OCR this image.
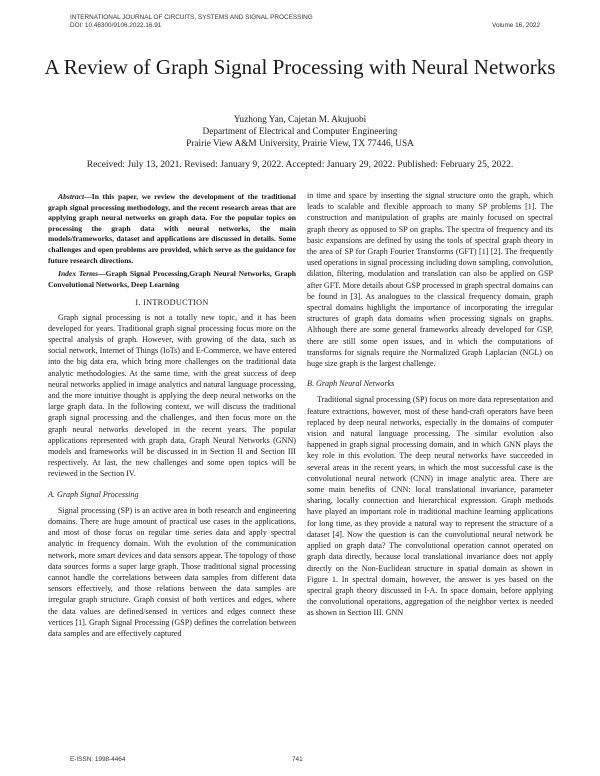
INTERNATIONAL JOURNAL OF CIRCUITS, SYSTEMS AND SIGNAL PROCESSING
DOI: 10.46300/9106.2022.16.91	Volume 16, 2022
A Review of Graph Signal Processing with Neural Networks
Yuzhong Yan, Cajetan M. Akujuobi
Department of Electrical and Computer Engineering
Prairie View A&M University, Prairie View, TX 77446, USA
Received: July 13, 2021. Revised: January 9, 2022. Accepted: January 29, 2022. Published: February 25, 2022.

Abstract—In this paper, we review the development of the traditional graph signal processing methodology, and the recent research areas that are applying graph neural networks on graph data. For the popular topics on processing the graph data with neural networks, the main models/frameworks, dataset and applications are discussed in details. Some challenges and open problems are provided, which serve as the guidance for future research directions.

Index Terms—Graph Signal Processing,Graph Neural Networks, Graph Convolutional Networks, Deep Learning

I. INTRODUCTION

Graph signal processing is not a totally new topic, and it has been developed for years. Traditional graph signal processing focus more on the spectral analysis of graph. However, with growing of the data, such as social network, Internet of Things (IoTs) and E-Commerce, we have entered into the big data era, which bring more challenges on the traditional data analytic methodologies. At the same time, with the great success of deep neural networks applied in image analytics and natural language processing, and the more intuitive thought is applying the deep neural networks on the large graph data. In the following context, we will discuss the traditional graph signal processing and the challenges, and then focus more on the graph neural networks developed in the recent years. The popular applications represented with graph data, Graph Neural Networks (GNN) models and frameworks will be discussed in in Section II and Section III respectively. At last, the new challenges and some open topics will be reviewed in the Section IV.

A. Graph Signal Processing

Signal processing (SP) is an active area in both research and engineering domains. There are huge amount of practical use cases in the applications, and most of those focus on regular time series data and apply spectral analytic in frequency domain. With the evolution of the communication network, more smart devices and data sensors appear. The topology of those data sources forms a super large graph. Those traditional signal processing cannot handle the correlations between data samples from different data sensors effectively, and those relations between the data samples are irregular graph structure. Graph consist of both vertices and edges, where the data values are defined/sensed in vertices and edges connect these vertices [1]. Graph Signal Processing (GSP) defines the correlation between data samples and are effectively captured

in time and space by inserting the signal structure onto the graph, which leads to scalable and flexible approach to many SP problems [1]. The construction and manipulation of graphs are mainly focused on spectral graph theory as opposed to SP on graphs. The spectra of frequency and its basic expansions are defined by using the tools of spectral graph theory in the area of SP for Graph Fourier Transforms (GFT) [1] [2]. The frequently used operations in signal processing including down sampling, convolution, dilation, filtering, modulation and translation can also be applied on GSP after GFT. More details about GSP processed in graph spectral domains can be found in [3]. As analogues to the classical frequency domain, graph spectral domains highlight the importance of incorporating the irregular structures of graph data domains when processing signals on graphs. Although there are some general frameworks already developed for GSP, there are still some open issues, and in which the computations of transforms for signals require the Normalized Graph Laplacian (NGL) on huge size graph is the largest challenge.

B. Graph Neural Networks

Traditional signal processing (SP) focus on more data representation and feature extractions, however, most of these hand-craft operators have been replaced by deep neural networks, especially in the domains of computer vision and natural language processing. The similar evolution also happened in graph signal processing domain, and in which GNN plays the key role in this evolution. The deep neural networks have succeeded in several areas in the recent years, in which the most successful case is the convolutional neural network (CNN) in image analytic area. There are some main benefits of CNN: local translational invariance, parameter sharing, locally connection and hierarchical expression. Graph methods have played an important role in traditional machine learning applications for long time, as they provide a natural way to represent the structure of a dataset [4]. Now the question is can the convolutional neural network be applied on graph data? The convolutional operation cannot operated on graph data directly, because local translational invariance does not apply directly on the Non-Euclidean structure in spatial domain as shown in Figure 1. In spectral domain, however, the answer is yes based on the spectral graph theory discussed in I-A. In space domain, before applying the convolutional operations, aggregation of the neighbor vertex is needed as shown in Section III. GNN

E-ISSN: 1998-4464	741
